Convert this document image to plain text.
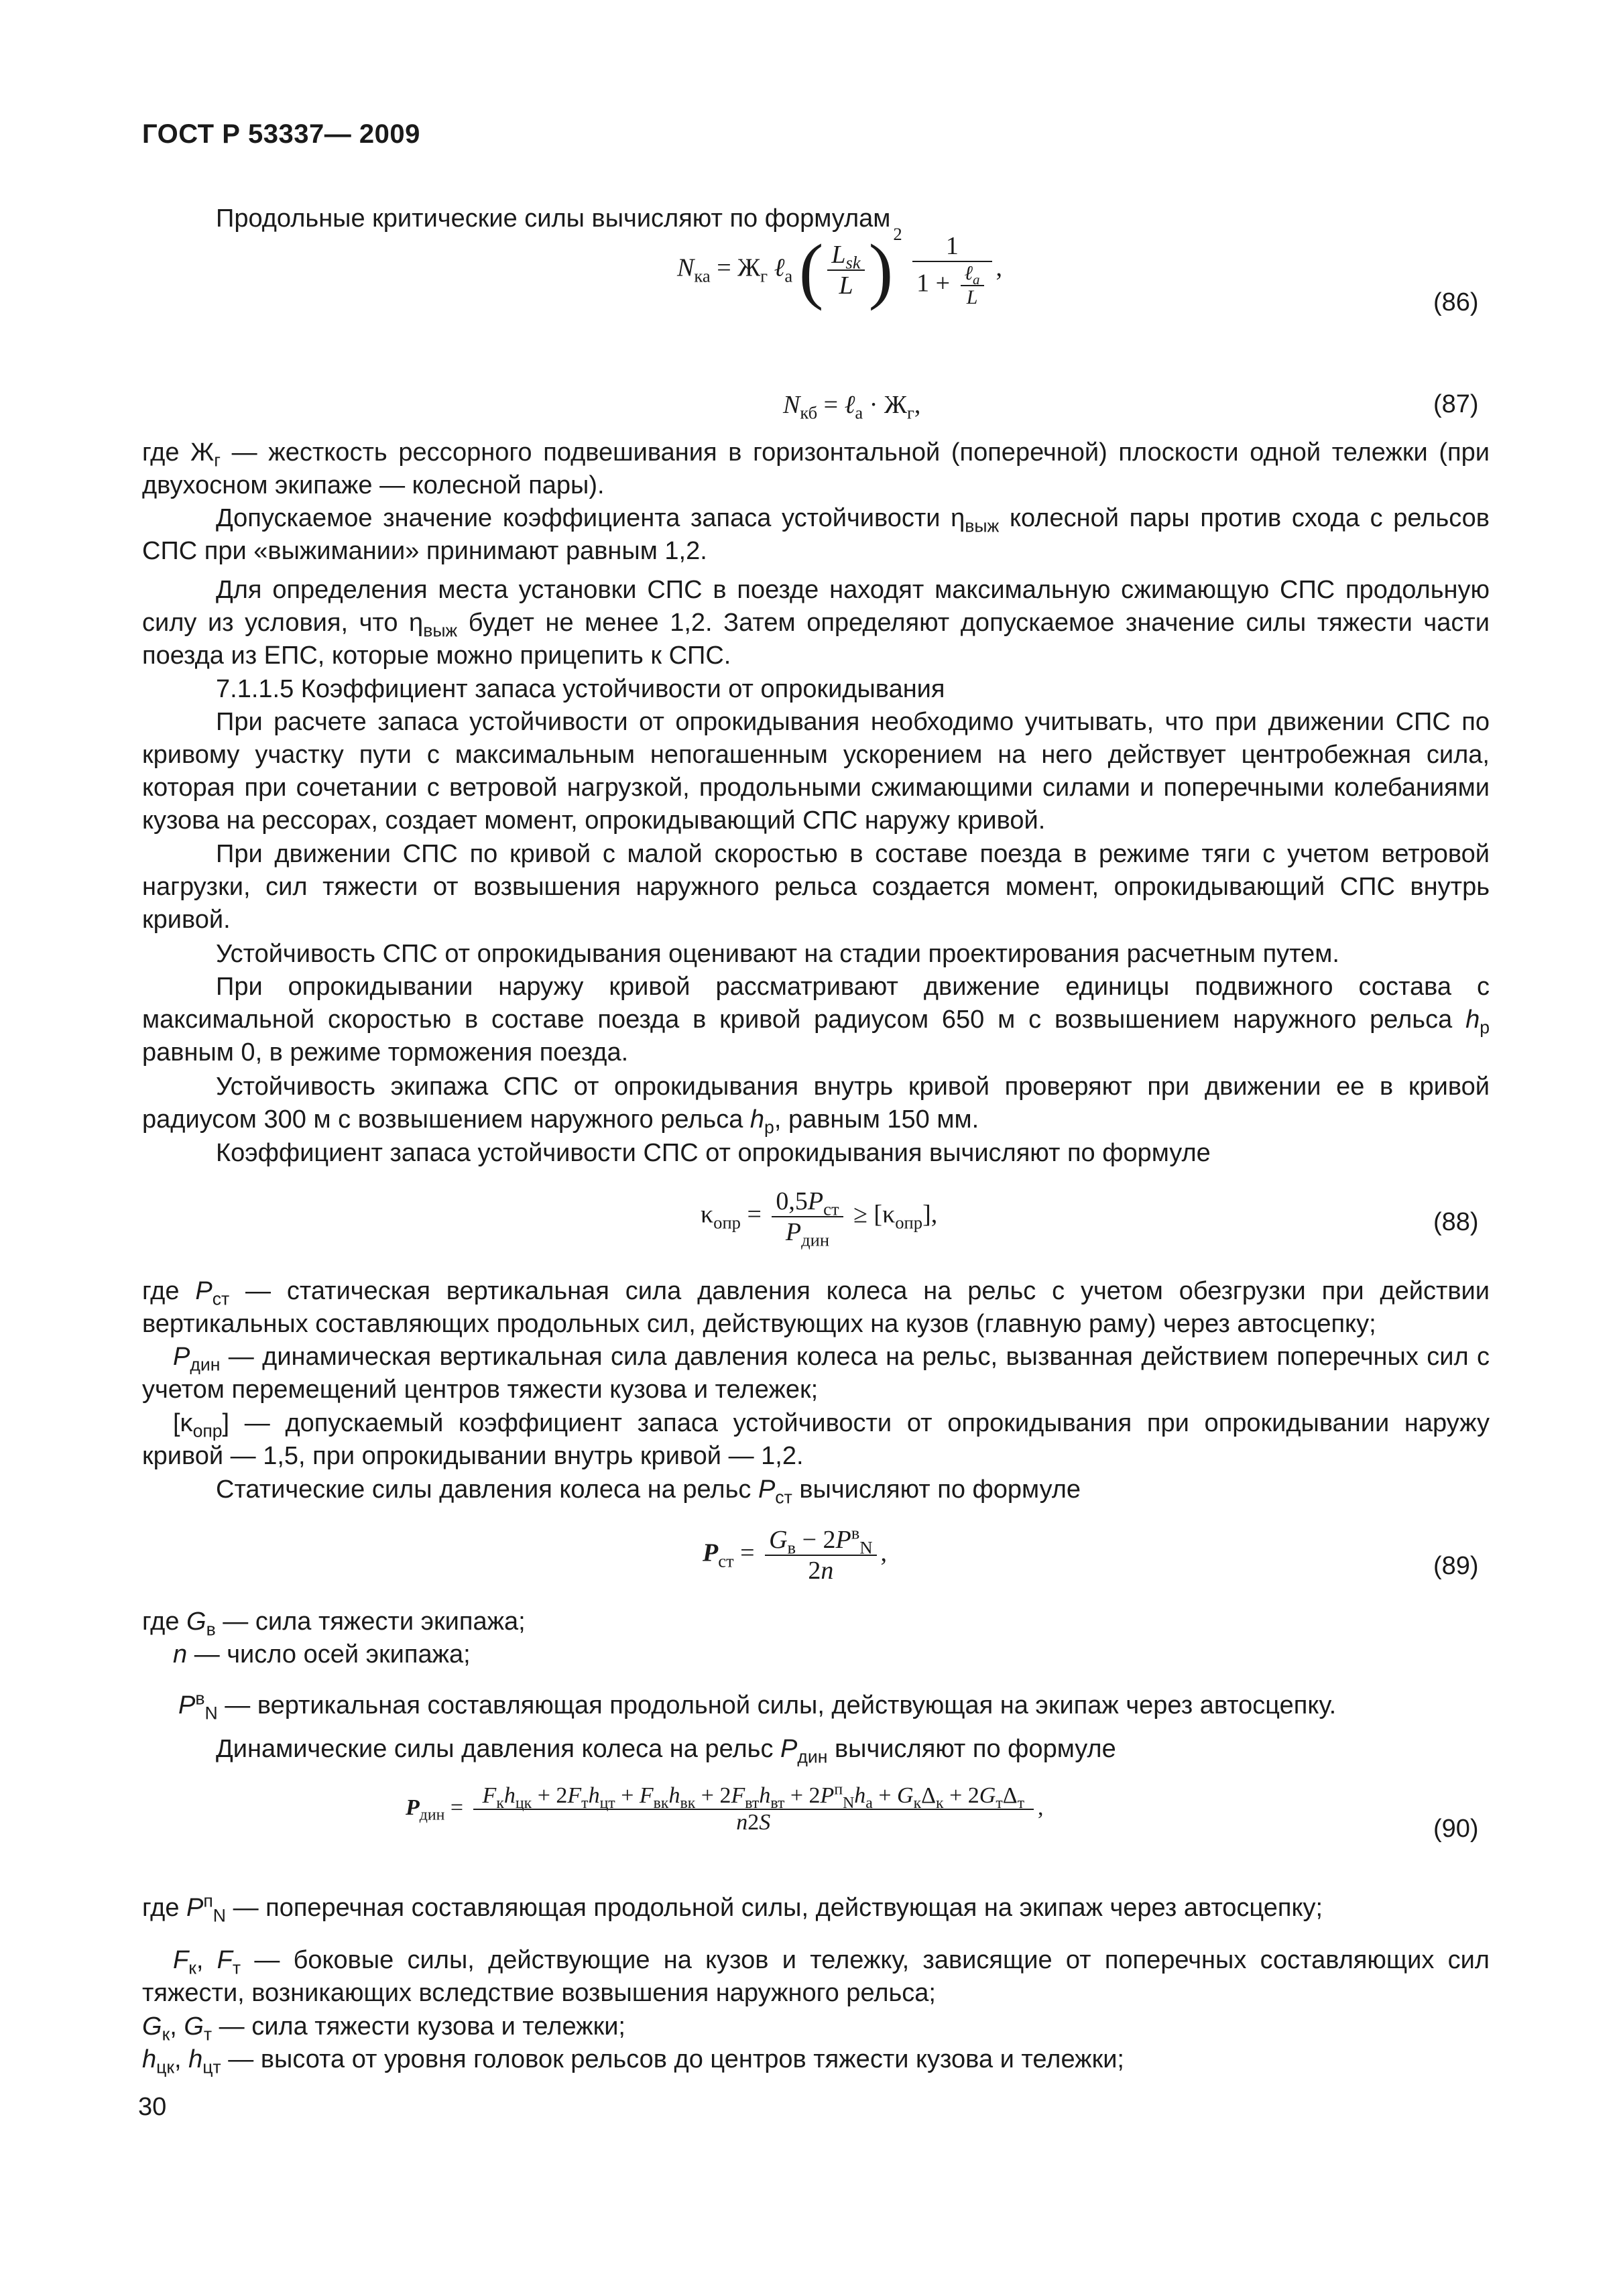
ГОСТ Р 53337— 2009

Продольные критические силы вычисляют по формулам

$N_{ка} = Ж_г$ ℓ$_а$ ( $\frac{L_{sk}}{L} )^2 \frac{1}{1 + \frac{\ell_а}{L}}$ ,
(86)
$N_{кб}$ = ℓ$_а$ · $Ж_г$,	(87)

где $Ж_г$ — жесткость рессорного подвешивания в горизонтальной (поперечной) плоскости одной тележки (при двухосном экипаже — колесной пары).

Допускаемое значение коэффициента запаса устойчивости $\eta_{выж}$ колесной пары против схода с рельсов СПС при «выжимании» принимают равным 1,2.

Для определения места установки СПС в поезде находят максимальную сжимающую СПС продольную силу из условия, что $\eta_{выж}$ будет не менее 1,2. Затем определяют допускаемое значение силы тяжести части поезда из ЕПС, которые можно прицепить к СПС.

7.1.1.5 Коэффициент запаса устойчивости от опрокидывания

При расчете запаса устойчивости от опрокидывания необходимо учитывать, что при движении СПС по кривому участку пути с максимальным непогашенным ускорением на него действует центробежная сила, которая при сочетании с ветровой нагрузкой, продольными сжимающими силами и поперечными колебаниями кузова на рессорах, создает момент, опрокидывающий СПС наружу кривой.

При движении СПС по кривой с малой скоростью в составе поезда в режиме тяги с учетом ветровой нагрузки, сил тяжести от возвышения наружного рельса создается момент, опрокидывающий СПС внутрь кривой.

Устойчивость СПС от опрокидывания оценивают на стадии проектирования расчетным путем.

При опрокидывании наружу кривой рассматривают движение единицы подвижного состава с максимальной скоростью в составе поезда в кривой радиусом 650 м с возвышением наружного рельса $h_р$ равным 0, в режиме торможения поезда.

Устойчивость экипажа СПС от опрокидывания внутрь кривой проверяют при движении ее в кривой радиусом 300 м с возвышением наружного рельса $h_р$, равным 150 мм.

Коэффициент запаса устойчивости СПС от опрокидывания вычисляют по формуле

$\kappa_{опр} = \frac{0,5P_{ст}}{P_{дин}} \ge [\kappa_{опр}]$,	(88)

где $P_{ст}$ — статическая вертикальная сила давления колеса на рельс с учетом обезгрузки при действии вертикальных составляющих продольных сил, действующих на кузов (главную раму) через автосцепку;

$P_{дин}$ — динамическая вертикальная сила давления колеса на рельс, вызванная действием поперечных сил с учетом перемещений центров тяжести кузова и тележек;

$[\kappa_{опр}]$ — допускаемый коэффициент запаса устойчивости от опрокидывания при опрокидывании наружу кривой — 1,5, при опрокидывании внутрь кривой — 1,2.

Статические силы давления колеса на рельс $P_{ст}$ вычисляют по формуле

$P_{ст} = \frac{G_в - 2P^в_N}{2n}$ ,	(89)

где $G_в$ — сила тяжести экипажа;

n — число осей экипажа;

$P^в_N$ — вертикальная составляющая продольной силы, действующая на экипаж через автосцепку.

Динамические силы давления колеса на рельс $P_{дин}$ вычисляют по формуле

$P_{дин} = \frac{F_кh_{цк} + 2F_тh_{цт} + F_{вк}h_{вк} + 2F_{вт}h_{вт} + 2P^п_Nh_а + G_к\Delta_к + 2G_т\Delta_т}{n2S}$ ,
(90)

где $P^п_N$ — поперечная составляющая продольной силы, действующая на экипаж через автосцепку;

$F_к$, $F_т$ — боковые силы, действующие на кузов и тележку, зависящие от поперечных составляющих сил тяжести, возникающих вследствие возвышения наружного рельса;

$G_к$, $G_т$ — сила тяжести кузова и тележки;

$h_{цк}$, $h_{цт}$ — высота от уровня головок рельсов до центров тяжести кузова и тележки;

30
